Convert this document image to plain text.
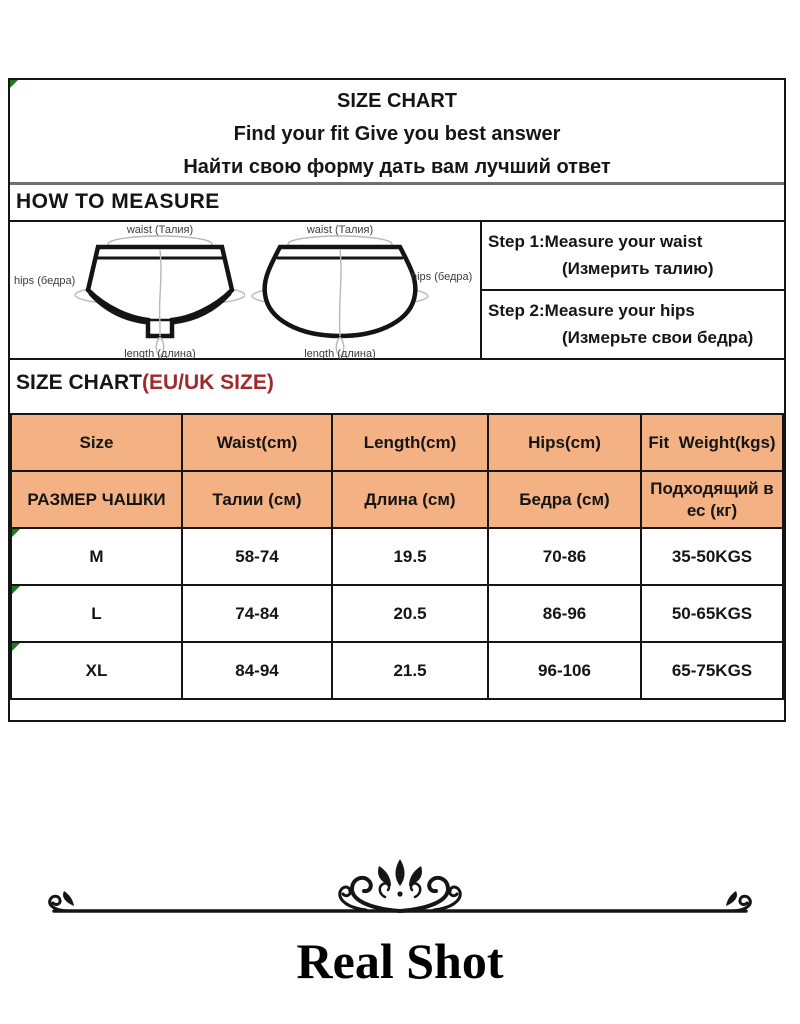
SIZE CHART
Find your fit Give you best answer
Найти свою форму дать вам лучший ответ
HOW TO MEASURE
waist (Талия)
length (длина)
hips (бедра)
waist (Талия)
hips (бедра)
length (длина)
Step 1:Measure your waist
(Измерить талию)
Step 2:Measure your hips
(Измерьте свои бедра)
SIZE CHART(EU/UK SIZE)
Size	Waist(cm)	Length(cm)	Hips(cm)	Fit  Weight(kgs)
РАЗМЕР ЧАШКИ	Талии (см)	Длина (см)	Бедра (см)	Подходящий в ес (кг)

M	58-74	19.5	70-86	35-50KGS

L	74-84	20.5	86-96	50-65KGS

XL	84-94	21.5	96-106	65-75KGS
Real Shot
